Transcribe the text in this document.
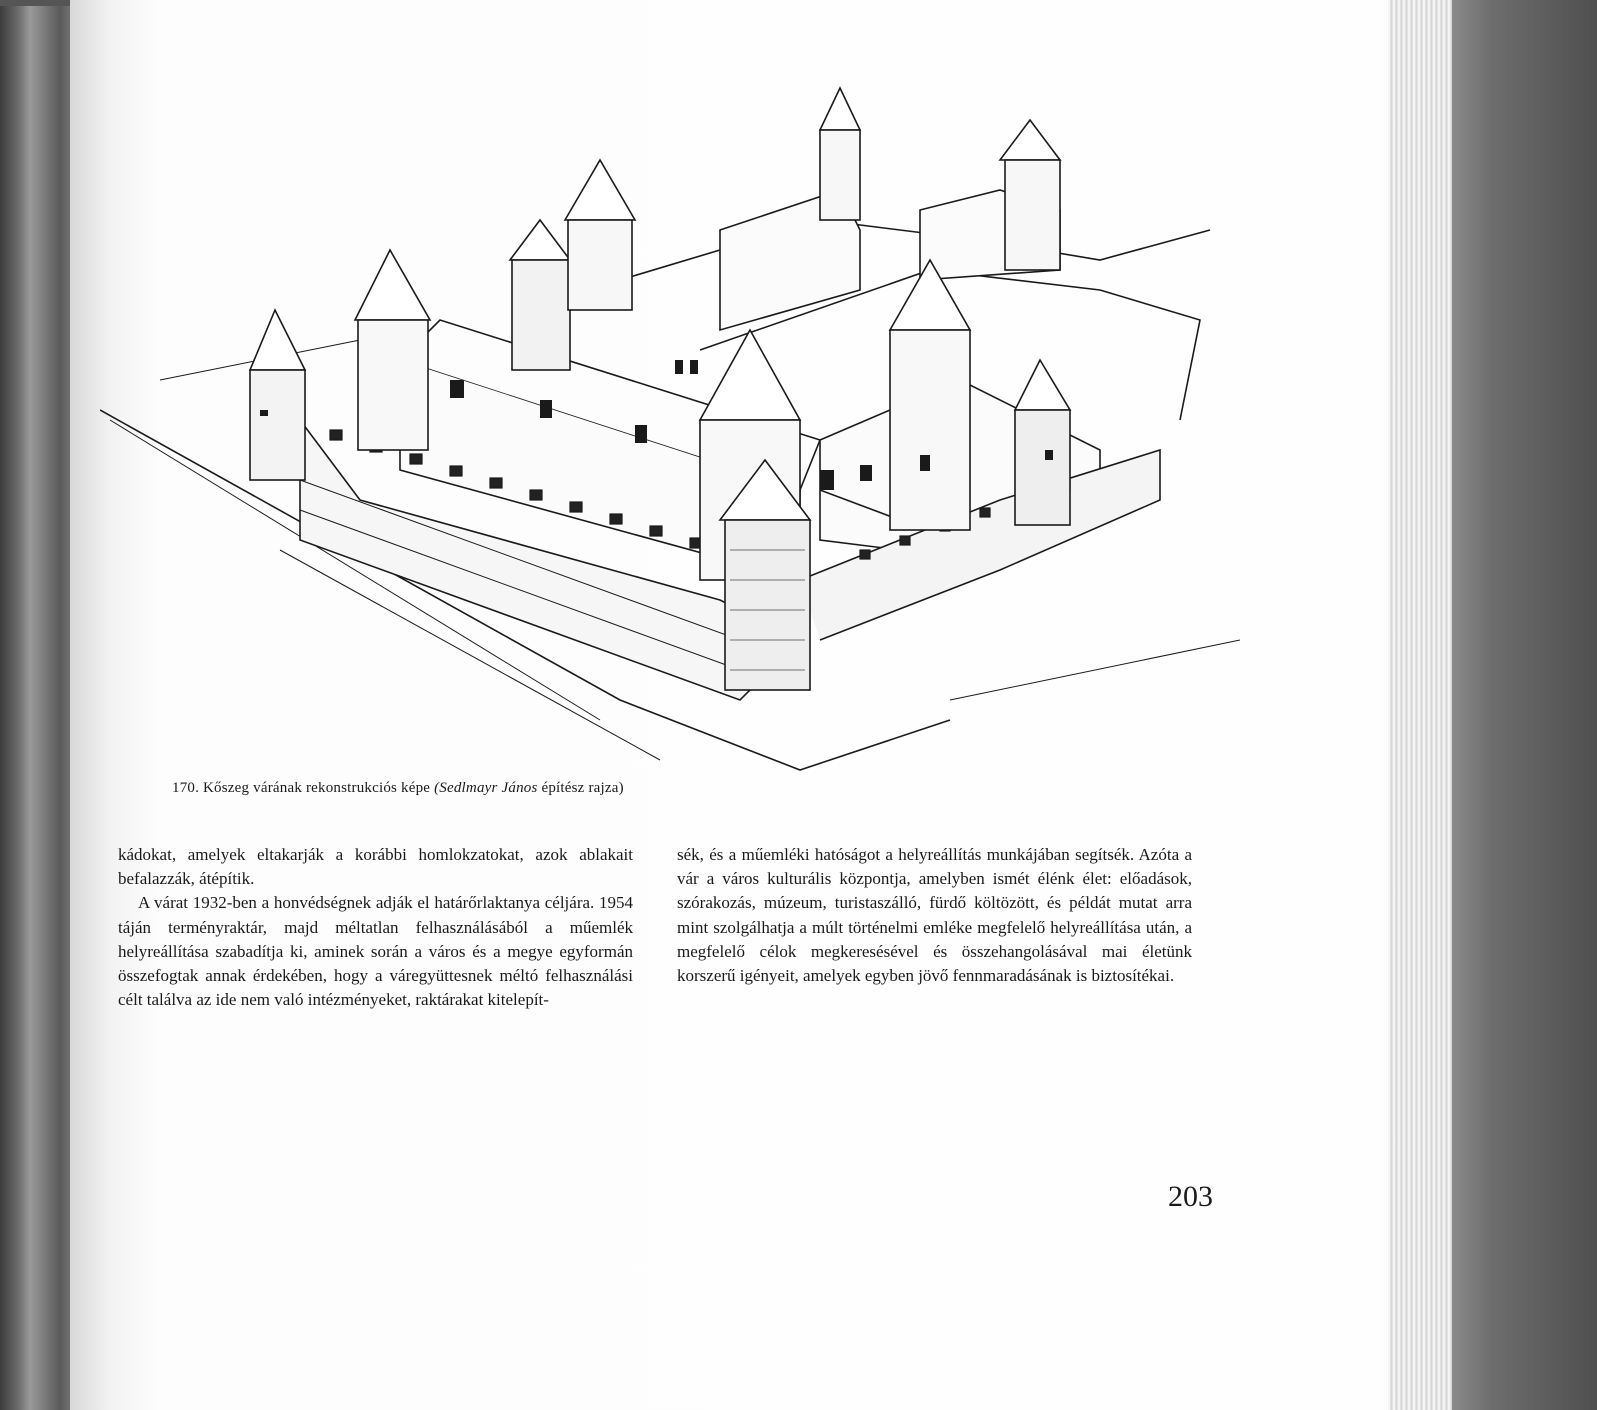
170. Kőszeg várának rekonstrukciós képe (Sedlmayr János építész rajza)

kádokat, amelyek eltakarják a korábbi homlokzatokat, azok ablakait befalazzák, átépítik.

A várat 1932-ben a honvédségnek adják el határőrlaktanya céljára. 1954 táján terményraktár, majd méltatlan felhasználásából a műemlék helyreállítása szabadítja ki, aminek során a város és a megye egyformán összefogtak annak érdekében, hogy a váregyüttesnek méltó felhasználási célt találva az ide nem való intézményeket, raktárakat kitelepít-

sék, és a műemléki hatóságot a helyreállítás munkájában segítsék. Azóta a vár a város kulturális központja, amelyben ismét élénk élet: előadások, szórakozás, múzeum, turistaszálló, fürdő költözött, és példát mutat arra mint szolgálhatja a múlt történelmi emléke megfelelő helyreállítása után, a megfelelő célok megkeresésével és összehangolásával mai életünk korszerű igényeit, amelyek egyben jövő fennmaradásának is biztosítékai.

203
